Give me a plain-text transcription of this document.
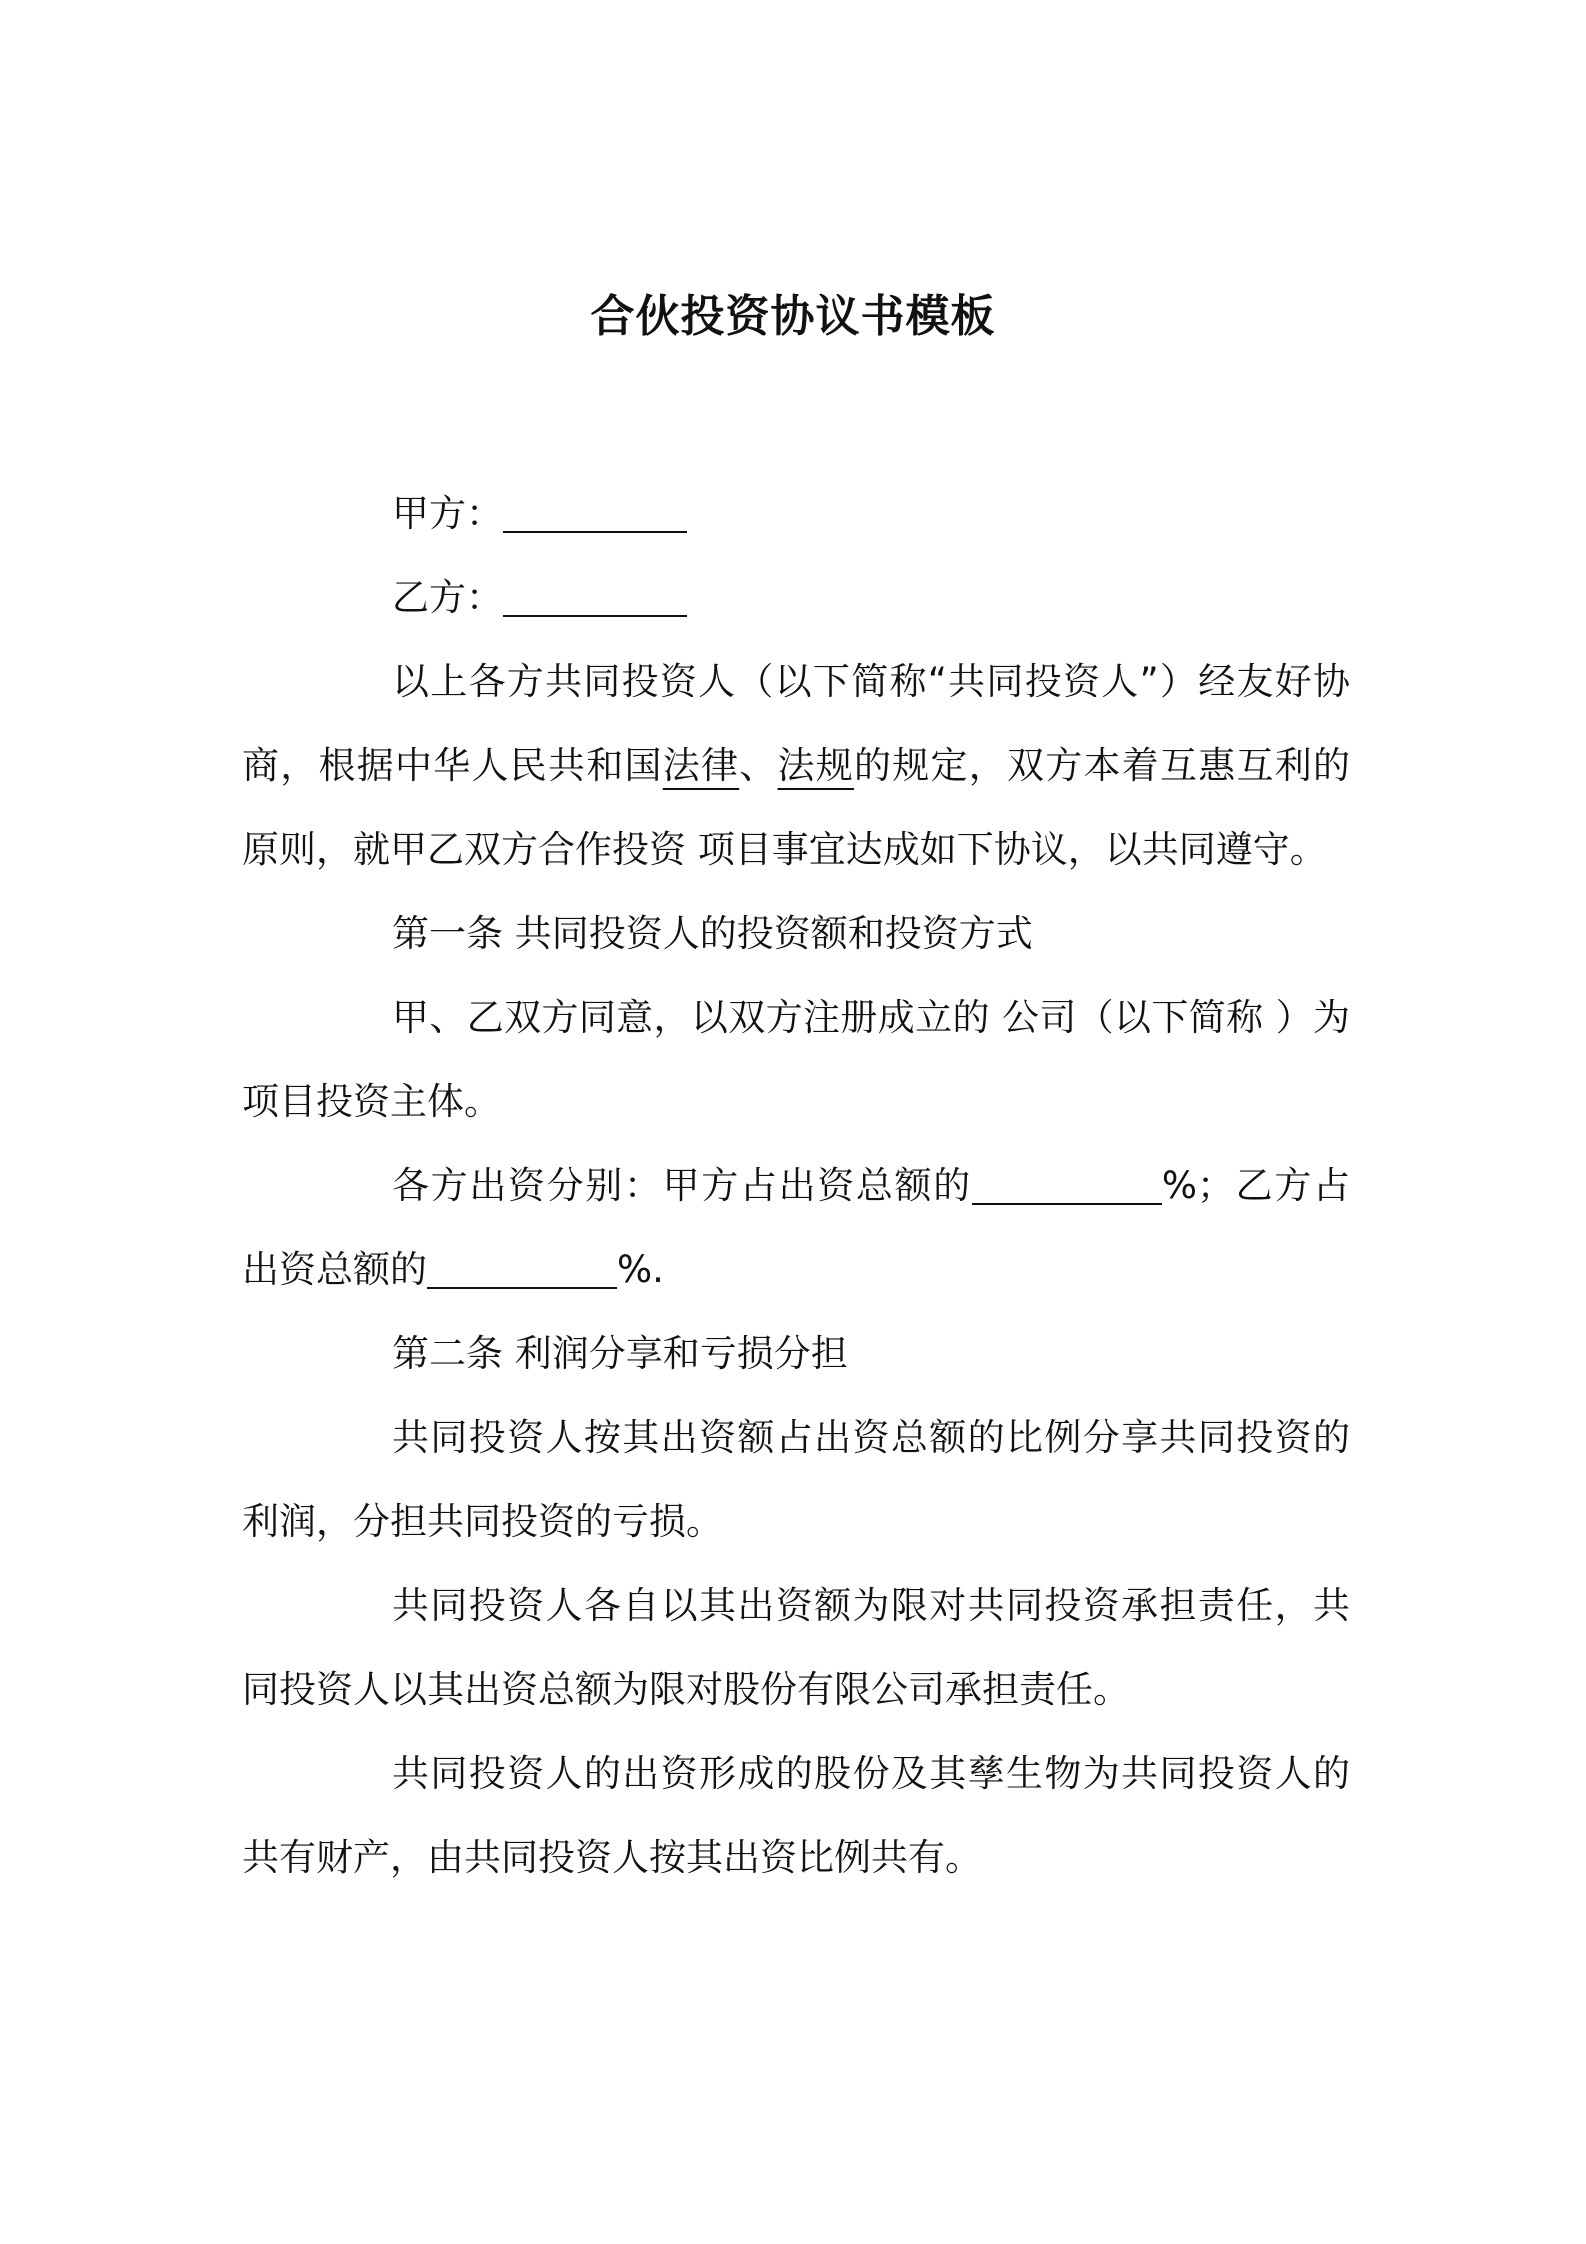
合伙投资协议书模板

甲方：

乙方：

以上各方共同投资人（以下简称“共同投资人”）经友好协商，根据中华人民共和国法律、法规的规定，双方本着互惠互利的原则，就甲乙双方合作投资 项目事宜达成如下协议，以共同遵守。

第一条 共同投资人的投资额和投资方式

甲、乙双方同意，以双方注册成立的 公司（以下简称 ）为项目投资主体。

各方出资分别：甲方占出资总额的	%；乙方占出资总额的	%.

第二条 利润分享和亏损分担

共同投资人按其出资额占出资总额的比例分享共同投资的利润，分担共同投资的亏损。

共同投资人各自以其出资额为限对共同投资承担责任，共同投资人以其出资总额为限对股份有限公司承担责任。

共同投资人的出资形成的股份及其孳生物为共同投资人的共有财产，由共同投资人按其出资比例共有。
